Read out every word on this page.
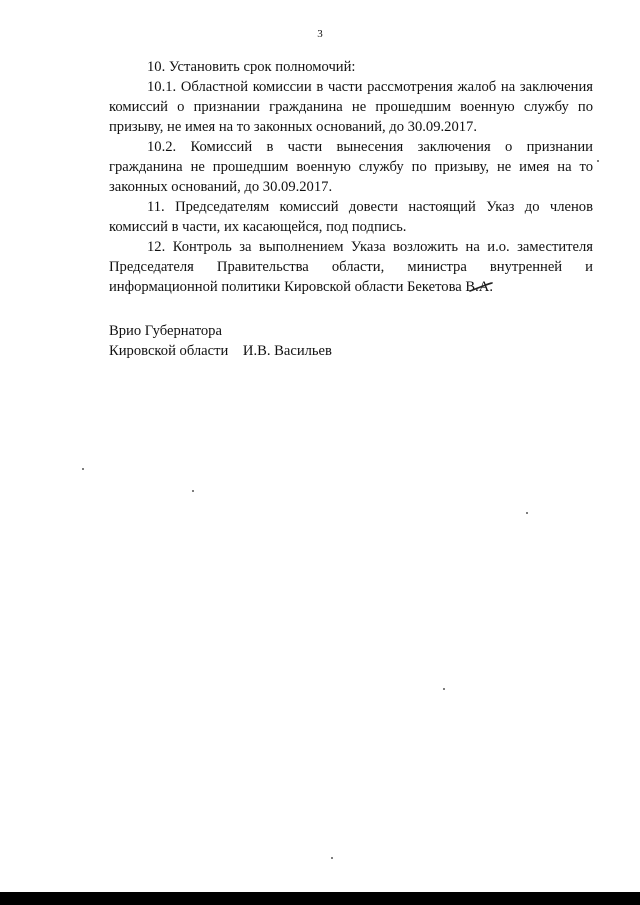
3

10. Установить срок полномочий:

10.1. Областной комиссии в части рассмотрения жалоб на заключения комиссий о признании гражданина не прошедшим военную службу по призыву, не имея на то законных оснований, до 30.09.2017.

10.2. Комиссий в части вынесения заключения о признании гражданина не прошедшим военную службу по призыву, не имея на то законных оснований, до 30.09.2017.

11. Председателям комиссий довести настоящий Указ до членов комиссий в части, их касающейся, под подпись.

12. Контроль за выполнением Указа возложить на и.о. заместителя Председателя Правительства области, министра внутренней и информационной политики Кировской области Бекетова В.А.

Врио Губернатора
Кировской области И.В. Васильев
